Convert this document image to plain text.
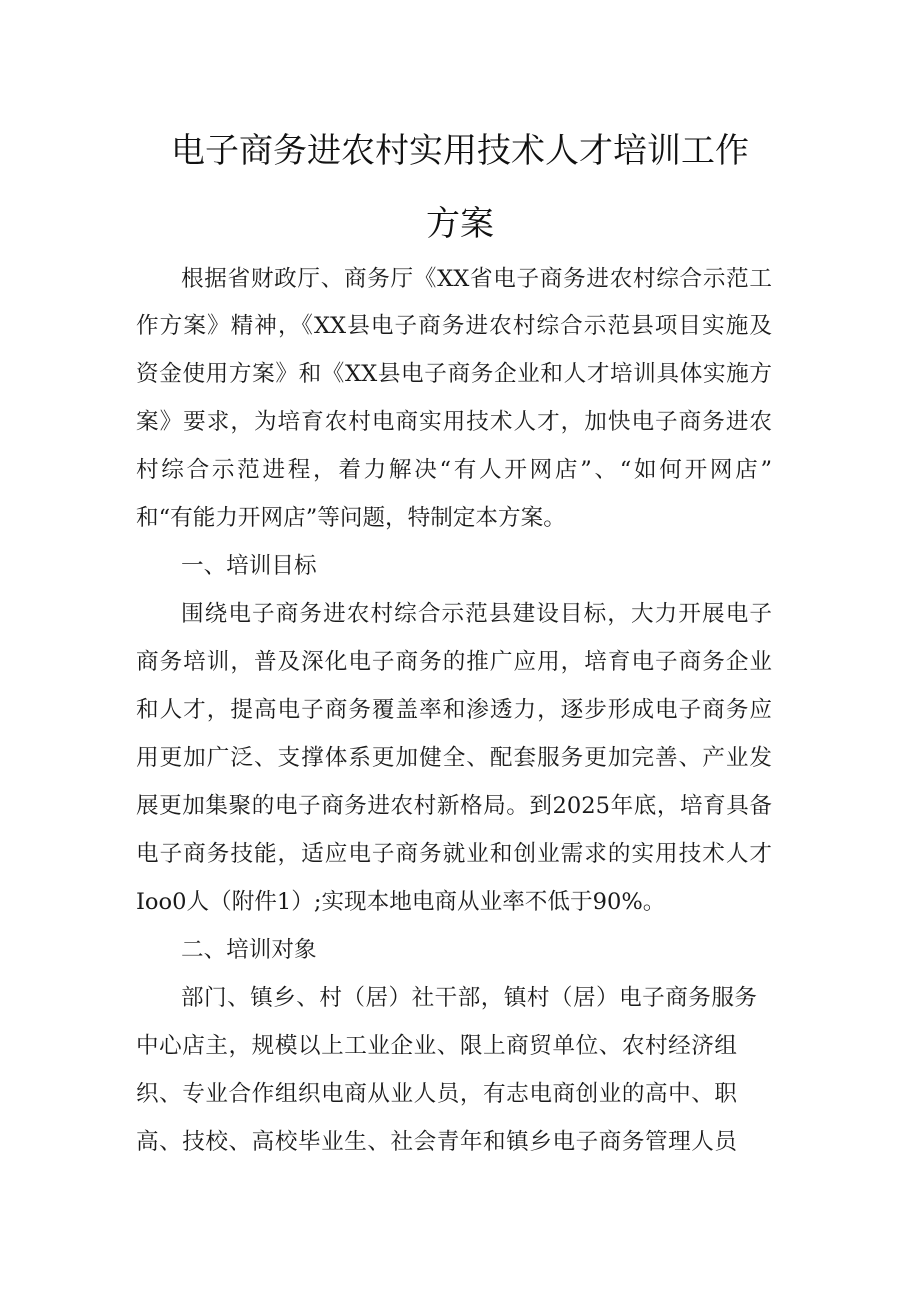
电子商务进农村实用技术人才培训工作
方案
根据省财政厅、商务厅《XX省电子商务进农村综合示范工
作方案》精神，《XX县电子商务进农村综合示范县项目实施及
资金使用方案》和《XX县电子商务企业和人才培训具体实施方
案》要求，为培育农村电商实用技术人才，加快电子商务进农
村综合示范进程，着力解决“有人开网店”、“如何开网店”
和“有能力开网店”等问题，特制定本方案。
一、培训目标
围绕电子商务进农村综合示范县建设目标，大力开展电子
商务培训，普及深化电子商务的推广应用，培育电子商务企业
和人才，提高电子商务覆盖率和渗透力，逐步形成电子商务应
用更加广泛、支撑体系更加健全、配套服务更加完善、产业发
展更加集聚的电子商务进农村新格局。到2025年底，培育具备
电子商务技能，适应电子商务就业和创业需求的实用技术人才
Ioo0人（附件1）;实现本地电商从业率不低于90%。
二、培训对象
部门、镇乡、村（居）社干部，镇村（居）电子商务服务
中心店主，规模以上工业企业、限上商贸单位、农村经济组
织、专业合作组织电商从业人员，有志电商创业的高中、职
高、技校、高校毕业生、社会青年和镇乡电子商务管理人员
